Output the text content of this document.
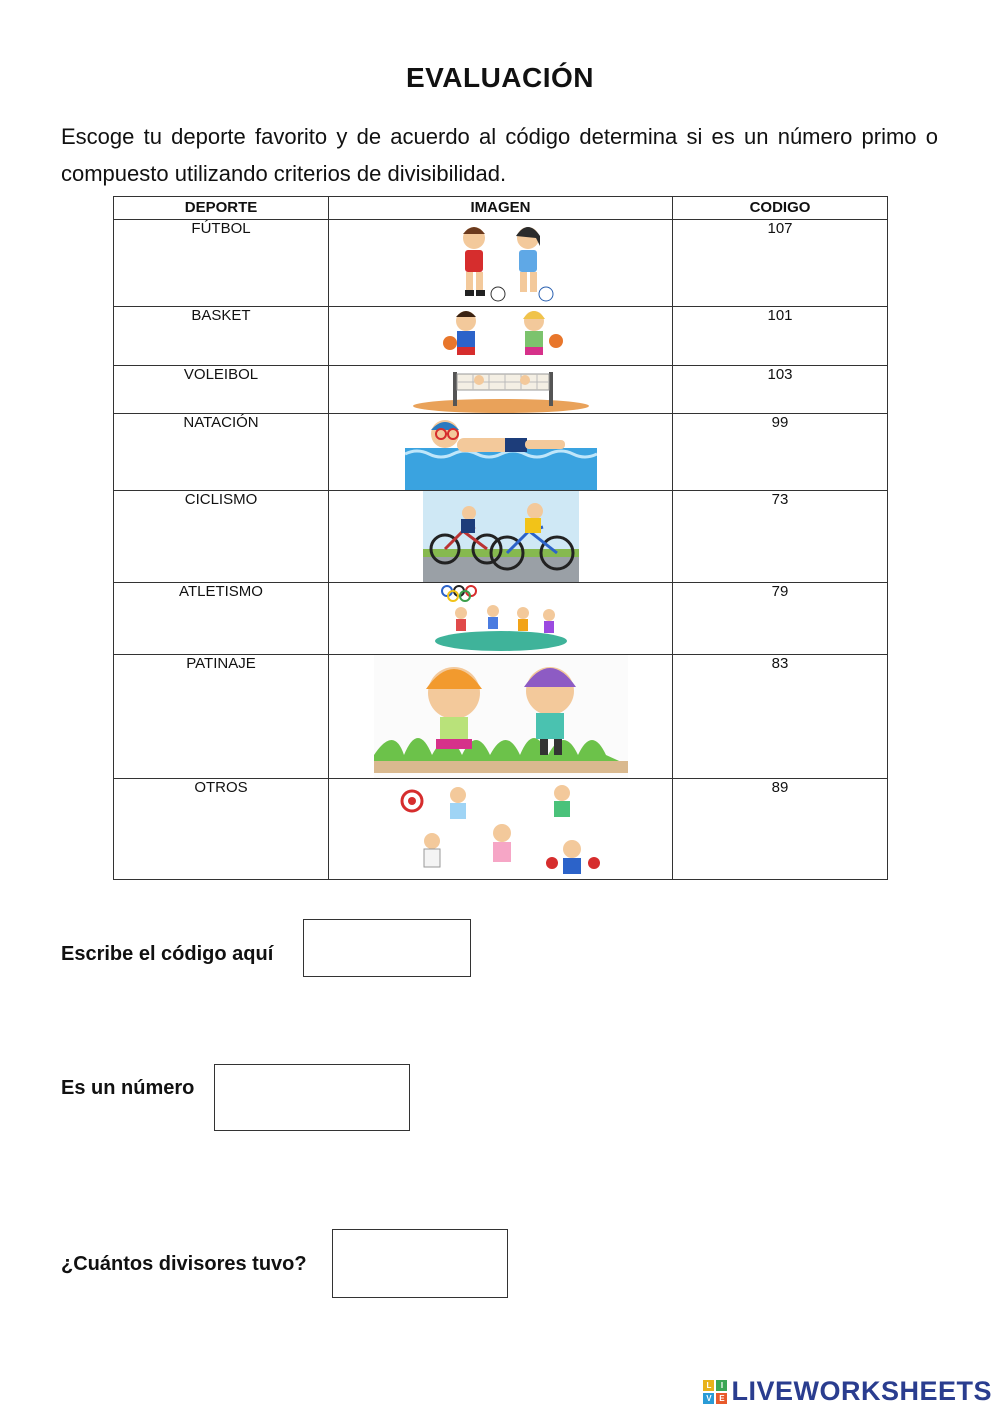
EVALUACIÓN
Escoge tu deporte favorito y de acuerdo al código determina si es un número primo o compuesto utilizando criterios de divisibilidad.
DEPORTE	IMAGEN	CODIGO
FÚTBOL		107
BASKET		101
VOLEIBOL		103
NATACIÓN		99
CICLISMO		73
ATLETISMO		79
PATINAJE		83
OTROS		89
Escribe el código aquí
Es un número
¿Cuántos divisores tuvo?
L	I
V E LIVEWORKSHEETS
